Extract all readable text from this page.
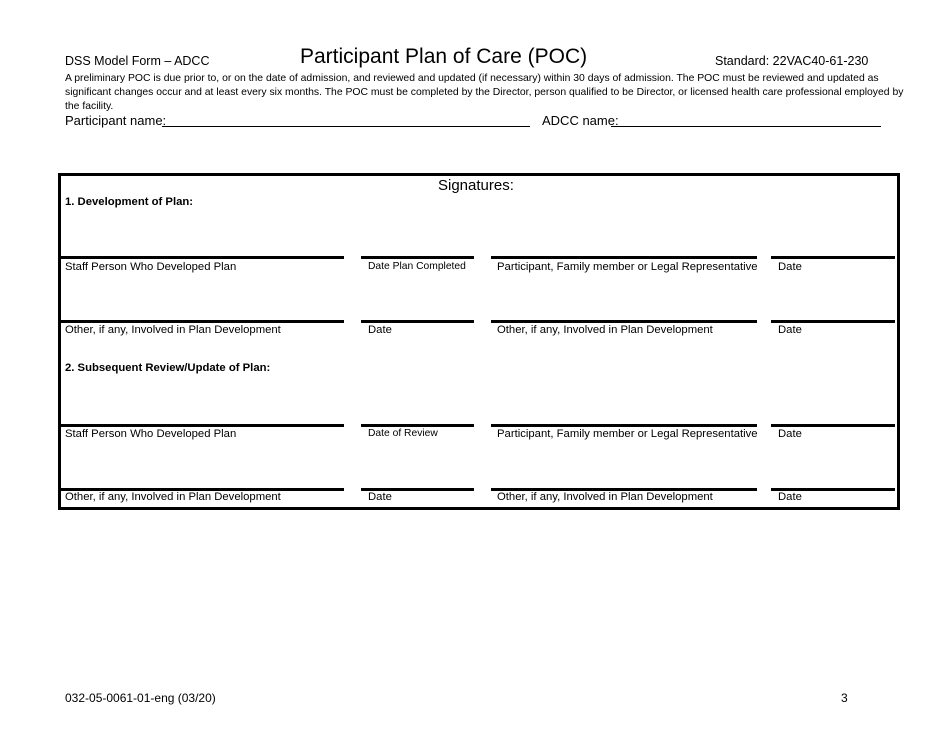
DSS Model Form – ADCC	Participant Plan of Care (POC)	Standard: 22VAC40-61-230
A preliminary POC is due prior to, or on the date of admission, and reviewed and updated (if necessary) within 30 days of admission. The POC must be reviewed and updated as significant changes occur and at least every six months. The POC must be completed by the Director, person qualified to be Director, or licensed health care professional employed by the facility.
Participant name:	ADCC name:
Signatures:
1. Development of Plan:
Staff Person Who Developed Plan	Date Plan Completed	Participant, Family member or Legal Representative Date
Other, if any, Involved in Plan Development	Date	Other, if any, Involved in Plan Development	Date
2. Subsequent Review/Update of Plan:
Staff Person Who Developed Plan	Date of Review	Participant, Family member or Legal Representative Date
Other, if any, Involved in Plan Development	Date	Other, if any, Involved in Plan Development	Date
032-05-0061-01-eng (03/20)	3
